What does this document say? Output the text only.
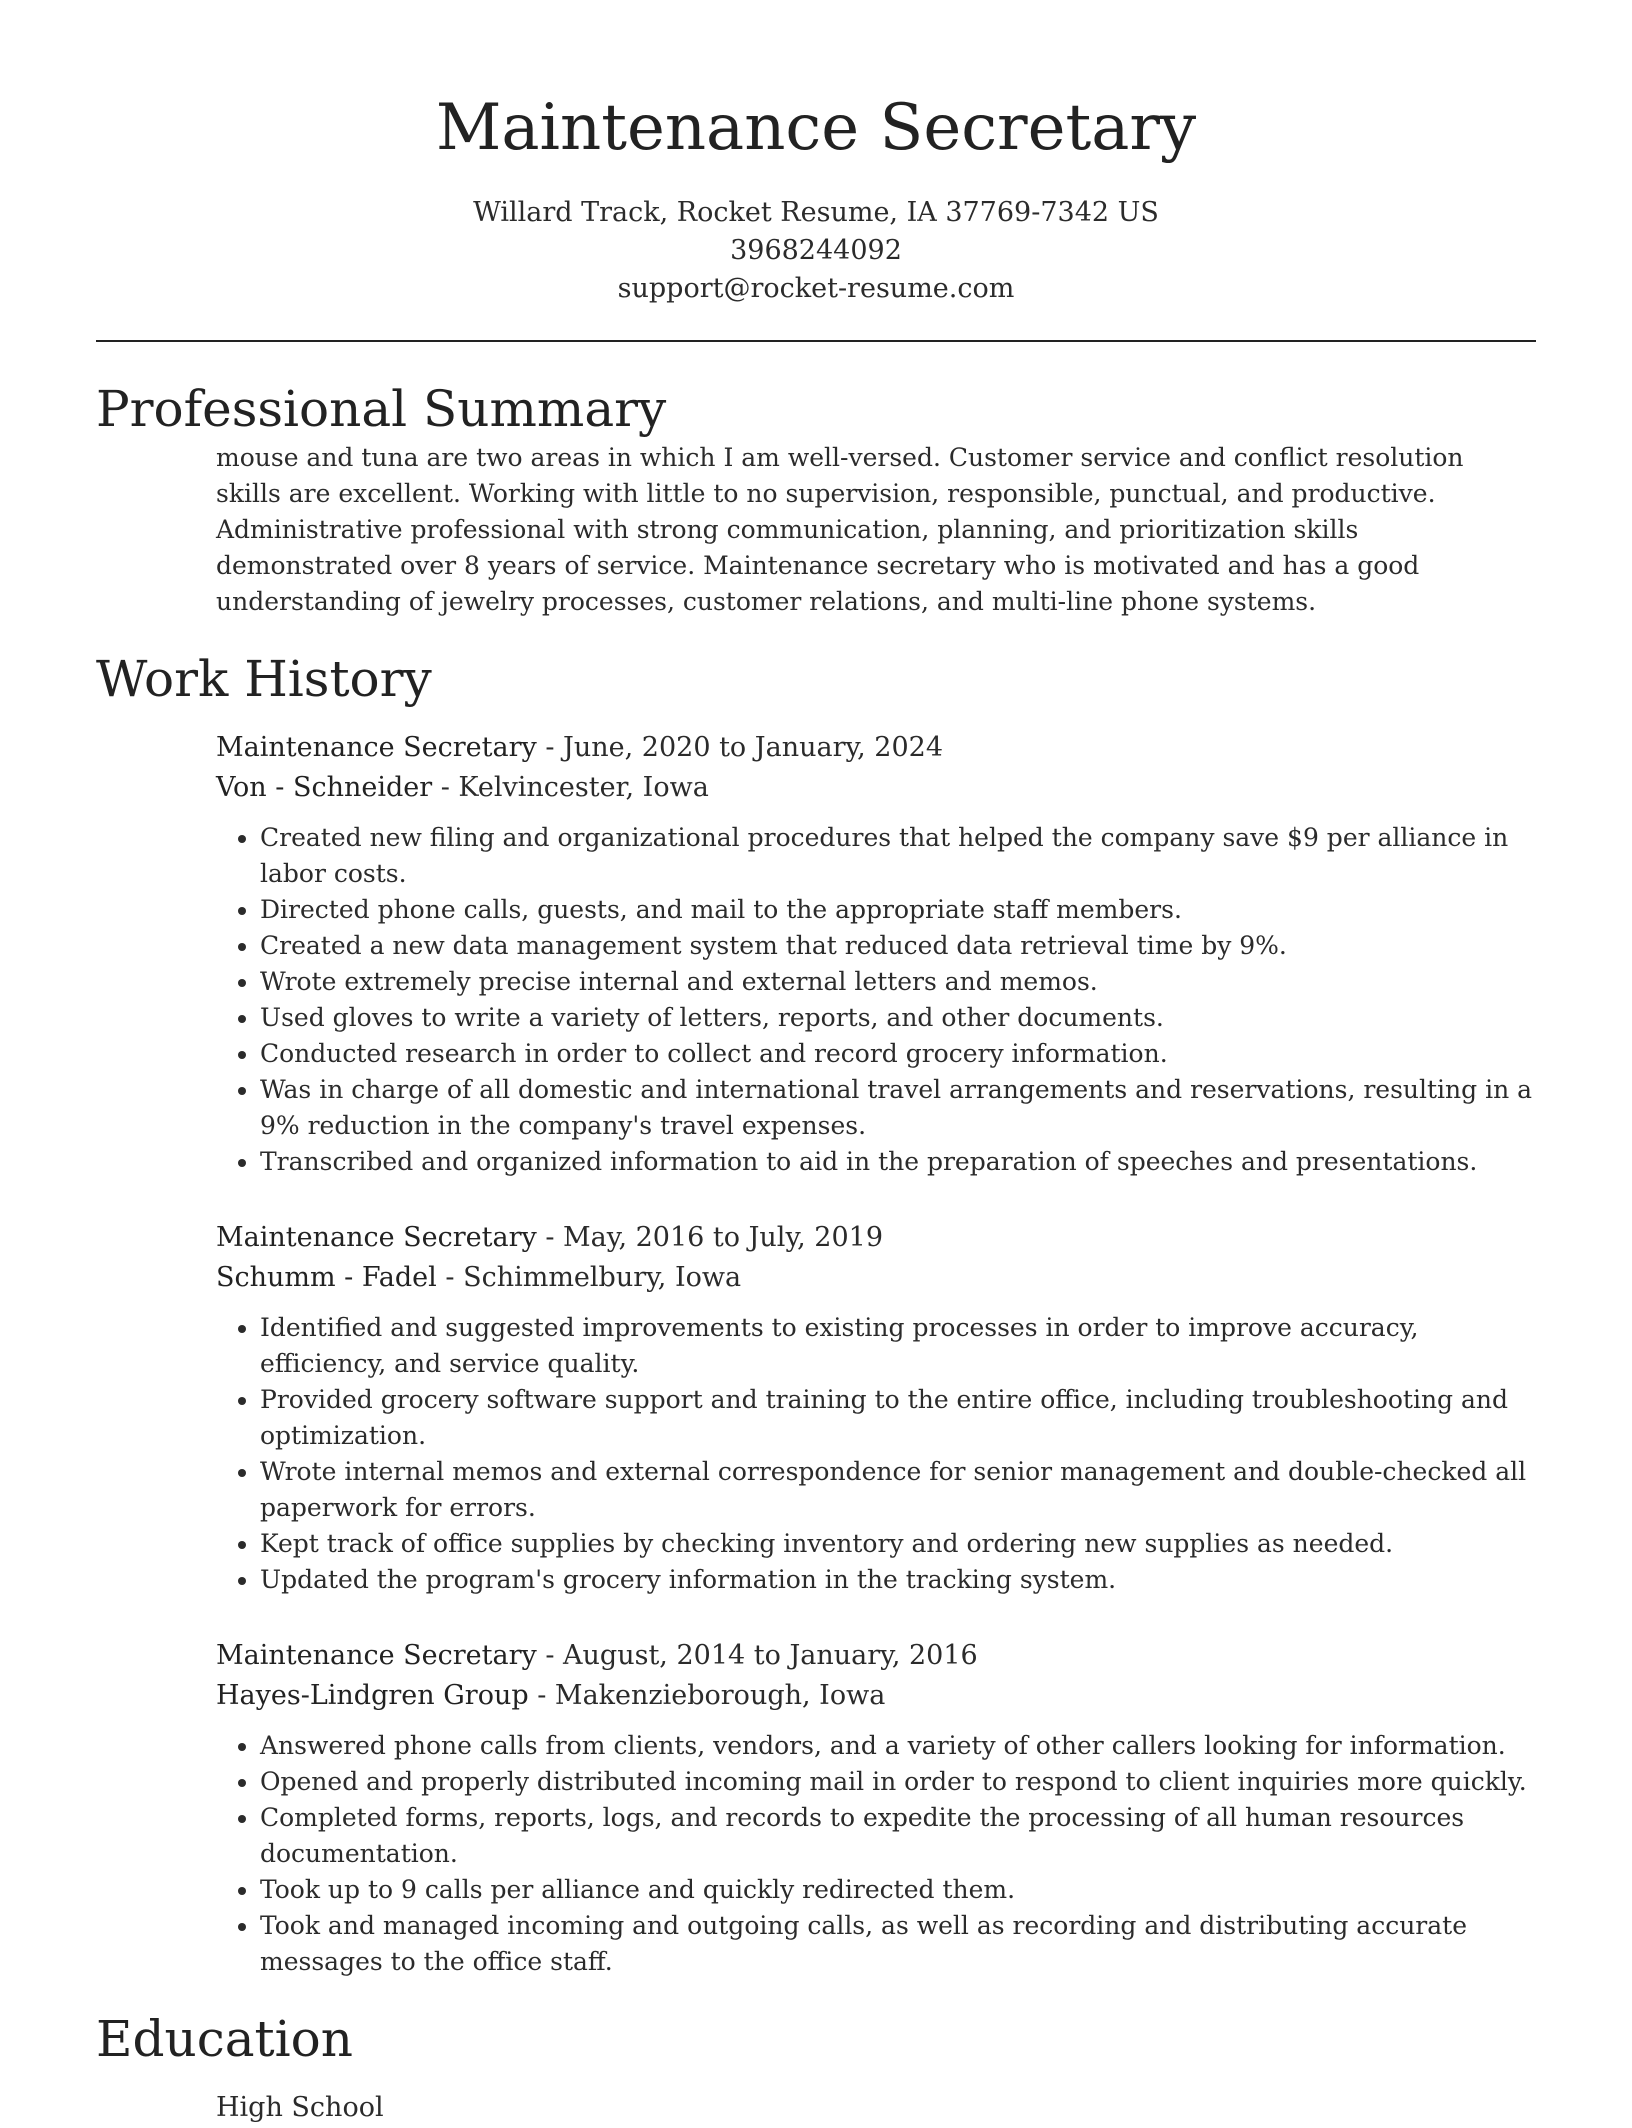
Maintenance Secretary
Willard Track, Rocket Resume, IA 37769-7342 US
3968244092
support@rocket-resume.com
Professional Summary

mouse and tuna are two areas in which I am well-versed. Customer service and conflict resolution skills are excellent. Working with little to no supervision, responsible, punctual, and productive. Administrative professional with strong communication, planning, and prioritization skills demonstrated over 8 years of service. Maintenance secretary who is motivated and has a good understanding of jewelry processes, customer relations, and multi-line phone systems.

Work History
Maintenance Secretary - June, 2020 to January, 2024
Von - Schneider - Kelvincester, Iowa
• Created new filing and organizational procedures that helped the company save $9 per alliance in labor costs.
• Directed phone calls, guests, and mail to the appropriate staff members.
• Created a new data management system that reduced data retrieval time by 9%.
• Wrote extremely precise internal and external letters and memos.
• Used gloves to write a variety of letters, reports, and other documents.
• Conducted research in order to collect and record grocery information.
• Was in charge of all domestic and international travel arrangements and reservations, resulting in a 9% reduction in the company's travel expenses.
• Transcribed and organized information to aid in the preparation of speeches and presentations.
Maintenance Secretary - May, 2016 to July, 2019
Schumm - Fadel - Schimmelbury, Iowa
• Identified and suggested improvements to existing processes in order to improve accuracy, efficiency, and service quality.
• Provided grocery software support and training to the entire office, including troubleshooting and optimization.
• Wrote internal memos and external correspondence for senior management and double-checked all paperwork for errors.
• Kept track of office supplies by checking inventory and ordering new supplies as needed.
• Updated the program's grocery information in the tracking system.
Maintenance Secretary - August, 2014 to January, 2016
Hayes-Lindgren Group - Makenzieborough, Iowa
• Answered phone calls from clients, vendors, and a variety of other callers looking for information.
• Opened and properly distributed incoming mail in order to respond to client inquiries more quickly.
• Completed forms, reports, logs, and records to expedite the processing of all human resources documentation.
• Took up to 9 calls per alliance and quickly redirected them.
• Took and managed incoming and outgoing calls, as well as recording and distributing accurate messages to the office staff.
Education
High School
